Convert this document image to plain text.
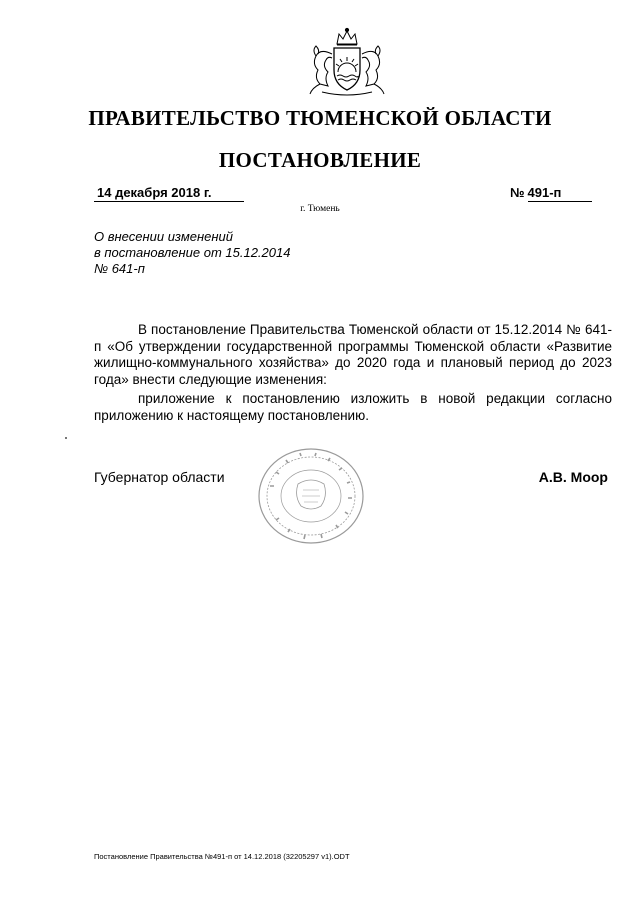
ПРАВИТЕЛЬСТВО ТЮМЕНСКОЙ ОБЛАСТИ
ПОСТАНОВЛЕНИЕ
14 декабря 2018 г.	№ 491-п
г. Тюмень
О внесении изменений
в постановление от 15.12.2014
№ 641-п
В постановление Правительства Тюменской области от 15.12.2014 № 641-п «Об утверждении государственной программы Тюменской области «Развитие жилищно-коммунального хозяйства» до 2020 года и плановый период до 2023 года» внести следующие изменения:
приложение к постановлению изложить в новой редакции согласно приложению к настоящему постановлению.
Губернатор области	А.В. Моор
Постановление Правительства №491-п от 14.12.2018 (32205297 v1).ODT
